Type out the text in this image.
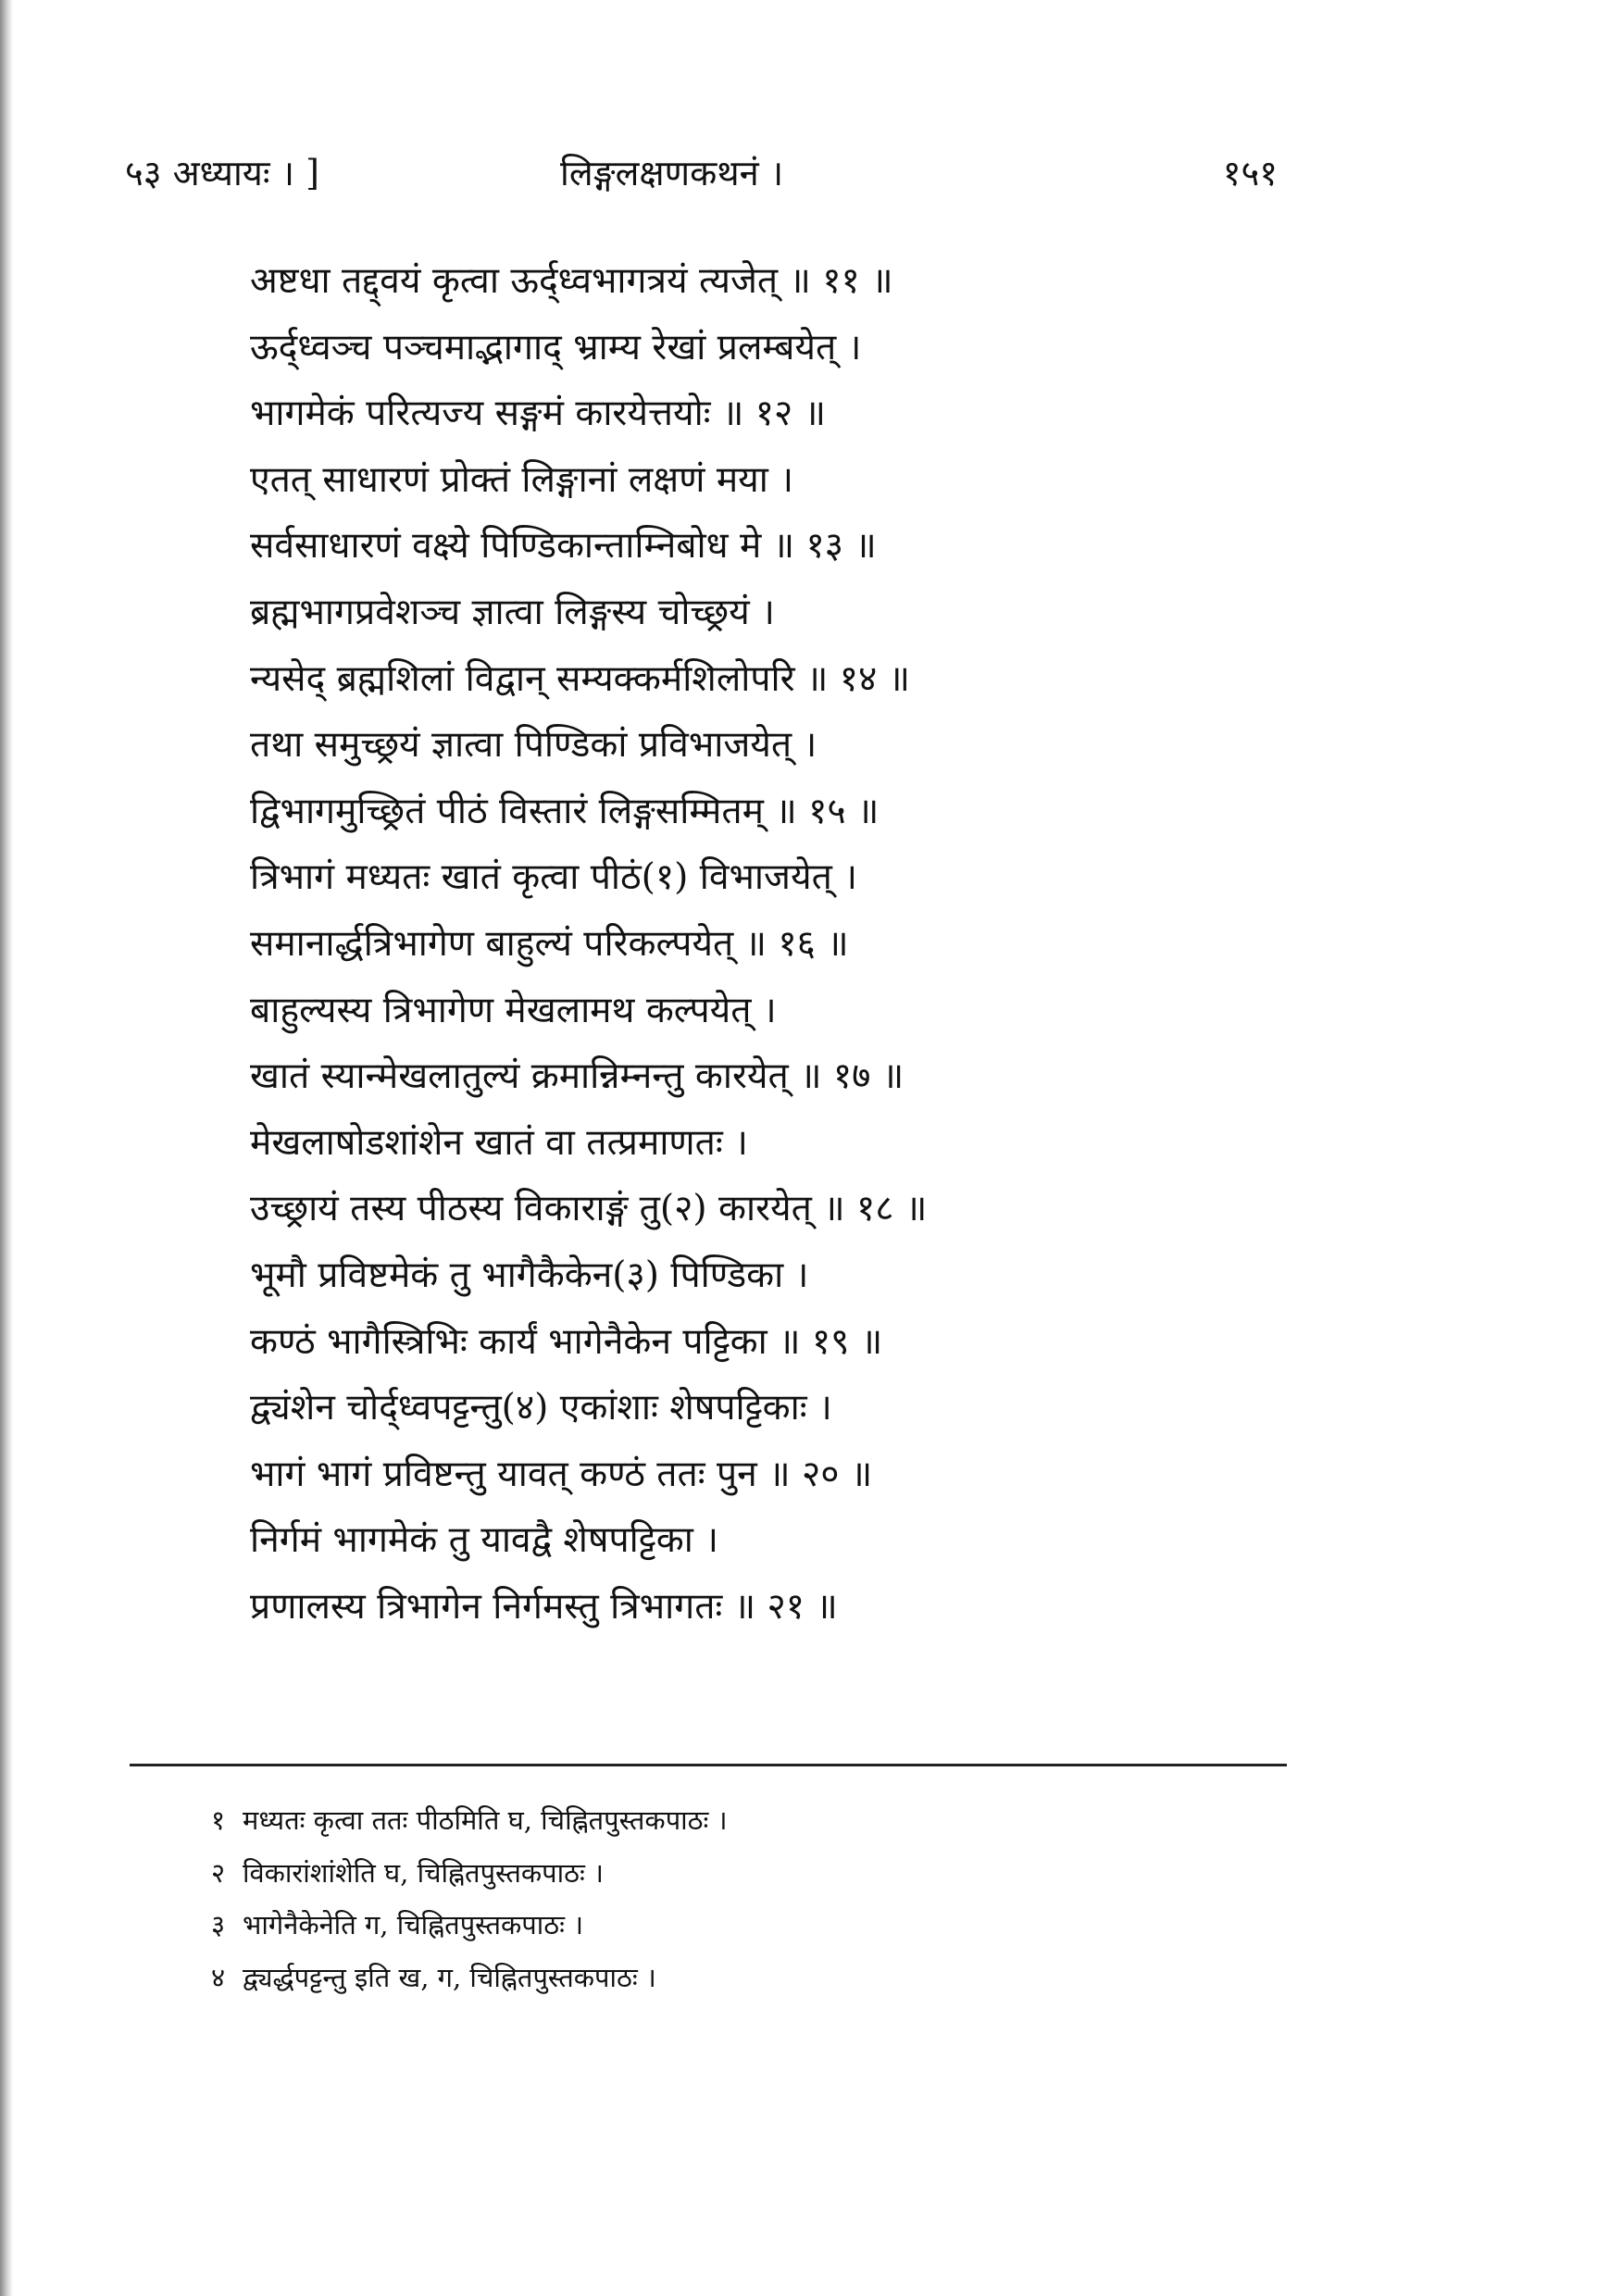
५३ अध्यायः । ]	लिङ्गलक्षणकथनं ।	१५१
अष्टधा तद्द्वयं कृत्वा ऊर्द्ध्वभागत्रयं त्यजेत् ॥ ११ ॥
ऊर्द्ध्वञ्च पञ्चमाद्भागाद् भ्राम्य रेखां प्रलम्बयेत् ।
भागमेकं परित्यज्य सङ्गमं कारयेत्तयोः ॥ १२ ॥
एतत् साधारणं प्रोक्तं लिङ्गानां लक्षणं मया ।
सर्वसाधारणं वक्ष्ये पिण्डिकान्ताम्निबोध मे ॥ १३ ॥
ब्रह्मभागप्रवेशञ्च ज्ञात्वा लिङ्गस्य चोच्छ्रयं ।
न्यसेद् ब्रह्मशिलां विद्वान् सम्यक्कर्मशिलोपरि ॥ १४ ॥
तथा समुच्छ्रयं ज्ञात्वा पिण्डिकां प्रविभाजयेत् ।
द्विभागमुच्छ्रितं पीठं विस्तारं लिङ्गसम्मितम् ॥ १५ ॥
त्रिभागं मध्यतः खातं कृत्वा पीठं(१) विभाजयेत् ।
समानार्द्धत्रिभागेण बाहुल्यं परिकल्पयेत् ॥ १६ ॥
बाहुल्यस्य त्रिभागेण मेखलामथ कल्पयेत् ।
खातं स्यान्मेखलातुल्यं क्रमान्निम्नन्तु कारयेत् ॥ १७ ॥
मेखलाषोडशांशेन खातं वा तत्प्रमाणतः ।
उच्छ्रायं तस्य पीठस्य विकाराङ्गं तु(२) कारयेत् ॥ १८ ॥
भूमौ प्रविष्टमेकं तु भागैकैकेन(३) पिण्डिका ।
कण्ठं भागैस्त्रिभिः कार्यं भागेनैकेन पट्टिका ॥ १९ ॥
द्व्यंशेन चोर्द्ध्वपट्टन्तु(४) एकांशाः शेषपट्टिकाः ।
भागं भागं प्रविष्टन्तु यावत् कण्ठं ततः पुन ॥ २० ॥
निर्गमं भागमेकं तु यावद्वै शेषपट्टिका ।
प्रणालस्य त्रिभागेन निर्गमस्तु त्रिभागतः ॥ २१ ॥
१ मध्यतः कृत्वा ततः पीठमिति घ, चिह्नितपुस्तकपाठः ।
२ विकारांशांशेति घ, चिह्नितपुस्तकपाठः ।
३ भागेनैकेनेति ग, चिह्नितपुस्तकपाठः ।
४ द्व्यर्द्धपट्टन्तु इति ख, ग, चिह्नितपुस्तकपाठः ।
